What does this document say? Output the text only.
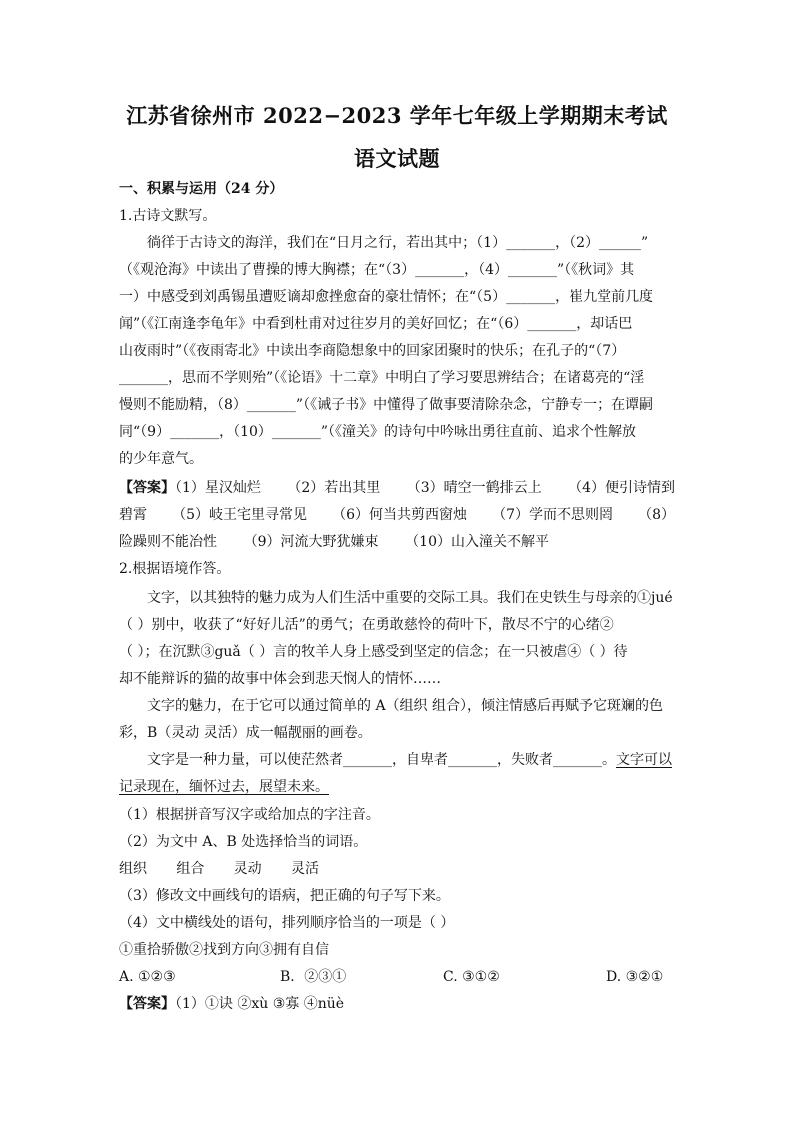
江苏省徐州市 2022−2023 学年七年级上学期期末考试
语文试题
一、积累与运用（24 分）
1.古诗文默写。
徜徉于古诗文的海洋，我们在“日月之行，若出其中；（1）_______，（2）______”
（《观沧海》中读出了曹操的博大胸襟；在“（3）_______，（4）_______”（《秋词》其
一）中感受到刘禹锡虽遭贬谪却愈挫愈奋的豪壮情怀；在“（5）_______，崔九堂前几度
闻”（《江南逢李龟年》中看到杜甫对过往岁月的美好回忆；在“（6）_______，却话巴
山夜雨时”（《夜雨寄北》中读出李商隐想象中的回家团聚时的快乐；在孔子的“（7）
_______，思而不学则殆”（《论语》十二章》中明白了学习要思辨结合；在诸葛亮的“淫
慢则不能励精，（8）_______”（《诫子书》中懂得了做事要清除杂念，宁静专一；在谭嗣
同“（9）_______，（10）_______”（《潼关》的诗句中吟咏出勇往直前、追求个性解放
的少年意气。
【答案】（1）星汉灿烂 （2）若出其里 （3）晴空一鹤排云上 （4）便引诗情到
碧霄 （5）岐王宅里寻常见 （6）何当共剪西窗烛 （7）学而不思则罔 （8）
险躁则不能冶性 （9）河流大野犹嫌束 （10）山入潼关不解平
2.根据语境作答。
文字，以其独特的魅力成为人们生活中重要的交际工具。我们在史铁生与母亲的①jué
（ ）别中，收获了“好好儿活”的勇气；在勇敢慈怜的荷叶下，散尽不宁的心绪②
（ ）；在沉默③guǎ（ ）言的牧羊人身上感受到坚定的信念；在一只被虐④（ ）待
却不能辩诉的猫的故事中体会到悲天悯人的情怀……
文字的魅力，在于它可以通过简单的 A（组织 组合），倾注情感后再赋予它斑斓的色
彩，B（灵动 灵活）成一幅靓丽的画卷。
文字是一种力量，可以使茫然者_______，自卑者_______，失败者_______。文字可以
记录现在，缅怀过去，展望未来。
（1）根据拼音写汉字或给加点的字注音。
（2）为文中 A、B 处选择恰当的词语。
组织 组合 灵动 灵活
（3）修改文中画线句的语病，把正确的句子写下来。
（4）文中横线处的语句，排列顺序恰当的一项是（ ）
①重拾骄傲②找到方向③拥有自信
A. ①②③	B．②③①	C. ③①②	D. ③②①
【答案】（1）①诀 ②xù ③寡 ④nüè
